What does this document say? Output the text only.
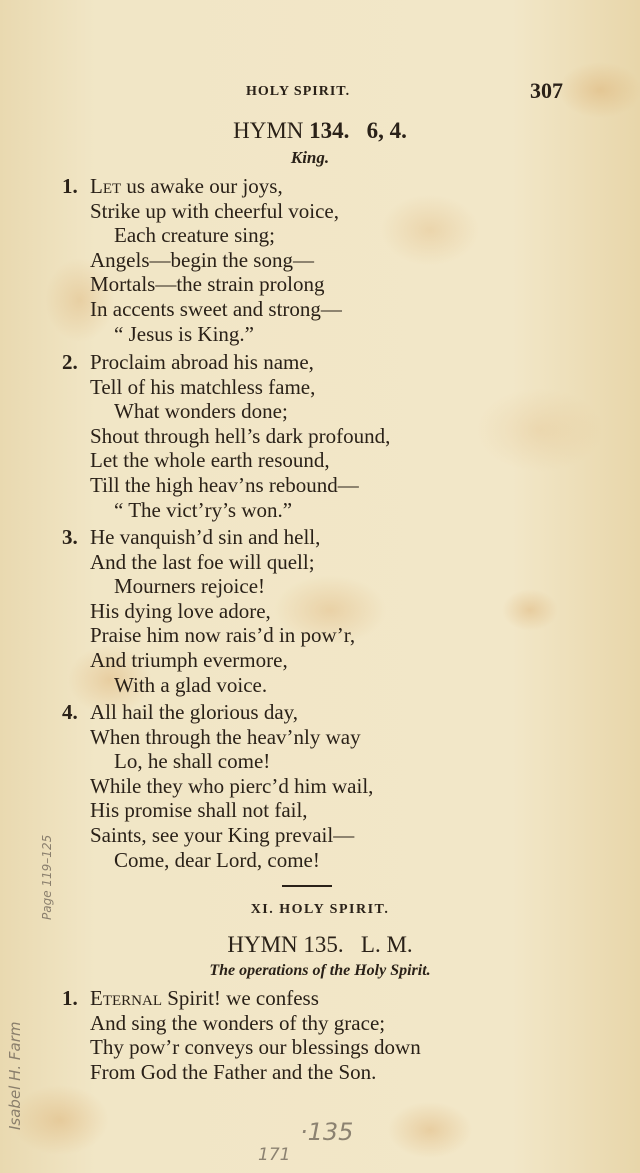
HOLY SPIRIT.	307
HYMN 134. 6, 4.
King.
1. Let us awake our joys,
Strike up with cheerful voice,
Each creature sing;
Angels—begin the song—
Mortals—the strain prolong
In accents sweet and strong—
“ Jesus is King.”
2. Proclaim abroad his name,
Tell of his matchless fame,
What wonders done;
Shout through hell’s dark profound,
Let the whole earth resound,
Till the high heav’ns rebound—
“ The vict’ry’s won.”
3. He vanquish’d sin and hell,
And the last foe will quell;
Mourners rejoice!
His dying love adore,
Praise him now rais’d in pow’r,
And triumph evermore,
With a glad voice.
4. All hail the glorious day,
When through the heav’nly way
Lo, he shall come!
While they who pierc’d him wail,
His promise shall not fail,
Saints, see your King prevail—
Come, dear Lord, come!
XI. HOLY SPIRIT.
HYMN 135. L. M.
The operations of the Holy Spirit.
1. Eternal Spirit! we confess
And sing the wonders of thy grace;
Thy pow’r conveys our blessings down
From God the Father and the Son.
·135
171
Isabel H. Farm
Page 119–125
